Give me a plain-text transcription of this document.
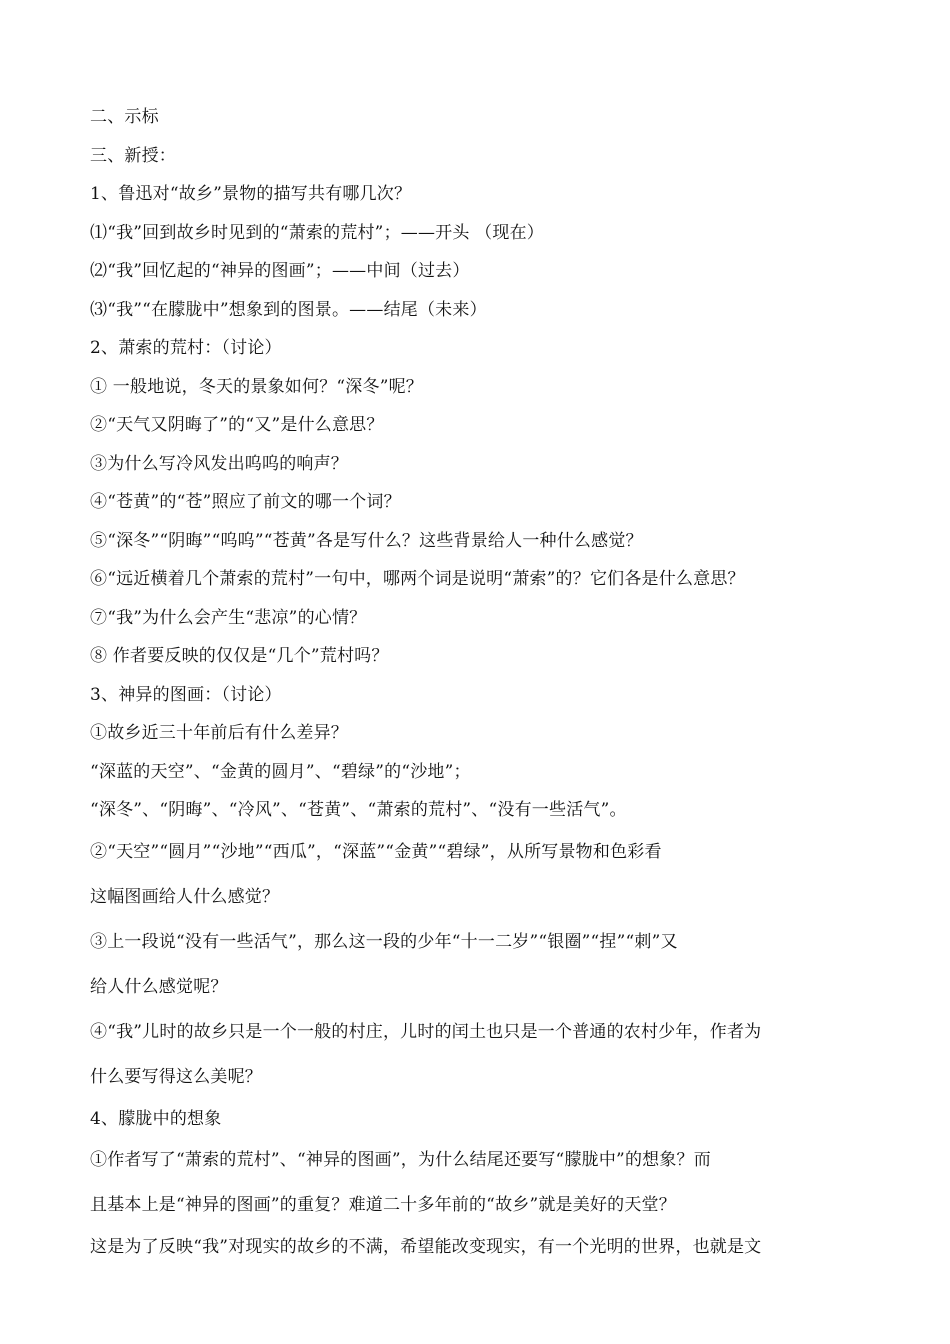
二、示标
三、新授：
1、鲁迅对“故乡”景物的描写共有哪几次？
⑴“我”回到故乡时见到的“萧索的荒村”；——开头 （现在）
⑵“我”回忆起的“神异的图画”；——中间（过去）
⑶“我”“在朦胧中”想象到的图景。——结尾（未来）
2、萧索的荒村：（讨论）
① 一般地说，冬天的景象如何？“深冬”呢？
②“天气又阴晦了”的“又”是什么意思？
③为什么写冷风发出呜呜的响声？
④“苍黄”的“苍”照应了前文的哪一个词？
⑤“深冬”“阴晦”“呜呜”“苍黄”各是写什么？这些背景给人一种什么感觉？
⑥“远近横着几个萧索的荒村”一句中，哪两个词是说明“萧索”的？它们各是什么意思？
⑦“我”为什么会产生“悲凉”的心情？
⑧ 作者要反映的仅仅是“几个”荒村吗？
3、神异的图画：（讨论）
①故乡近三十年前后有什么差异？
“深蓝的天空”、“金黄的圆月”、“碧绿”的“沙地”；
“深冬”、“阴晦”、“冷风”、“苍黄”、“萧索的荒村”、“没有一些活气”。
②“天空”“圆月”“沙地”“西瓜”，“深蓝”“金黄”“碧绿”，从所写景物和色彩看
这幅图画给人什么感觉？
③上一段说“没有一些活气”，那么这一段的少年“十一二岁”“银圈”“捏”“刺”又
给人什么感觉呢？
④“我”儿时的故乡只是一个一般的村庄，儿时的闰土也只是一个普通的农村少年，作者为
什么要写得这么美呢？
4、朦胧中的想象
①作者写了“萧索的荒村”、“神异的图画”，为什么结尾还要写“朦胧中”的想象？而
且基本上是“神异的图画”的重复？难道二十多年前的“故乡”就是美好的天堂？
这是为了反映“我”对现实的故乡的不满，希望能改变现实，有一个光明的世界，也就是文
